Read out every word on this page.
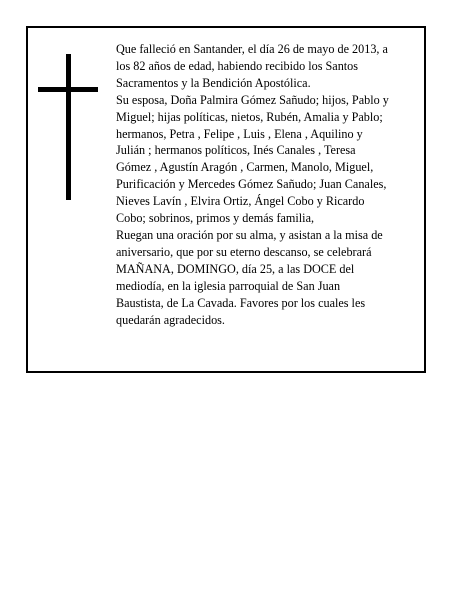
Que falleció en Santander, el día 26 de mayo de 2013, a

los 82 años de edad, habiendo recibido los Santos

Sacramentos y la Bendición Apostólica.

Su esposa, Doña Palmira Gómez Sañudo; hijos, Pablo y

Miguel; hijas políticas, nietos, Rubén, Amalia y Pablo;

hermanos, Petra , Felipe , Luis , Elena , Aquilino y

Julián ; hermanos políticos, Inés Canales , Teresa

Gómez , Agustín Aragón , Carmen, Manolo, Miguel,

Purificación y Mercedes Gómez Sañudo; Juan Canales,

Nieves Lavín , Elvira Ortiz, Ángel Cobo y Ricardo

Cobo; sobrinos, primos y demás familia,

Ruegan una oración por su alma, y asistan a la misa de

aniversario, que por su eterno descanso, se celebrará

MAÑANA, DOMINGO, día 25, a las DOCE del

mediodía, en la iglesia parroquial de San Juan

Baustista, de La Cavada. Favores por los cuales les

quedarán agradecidos.
